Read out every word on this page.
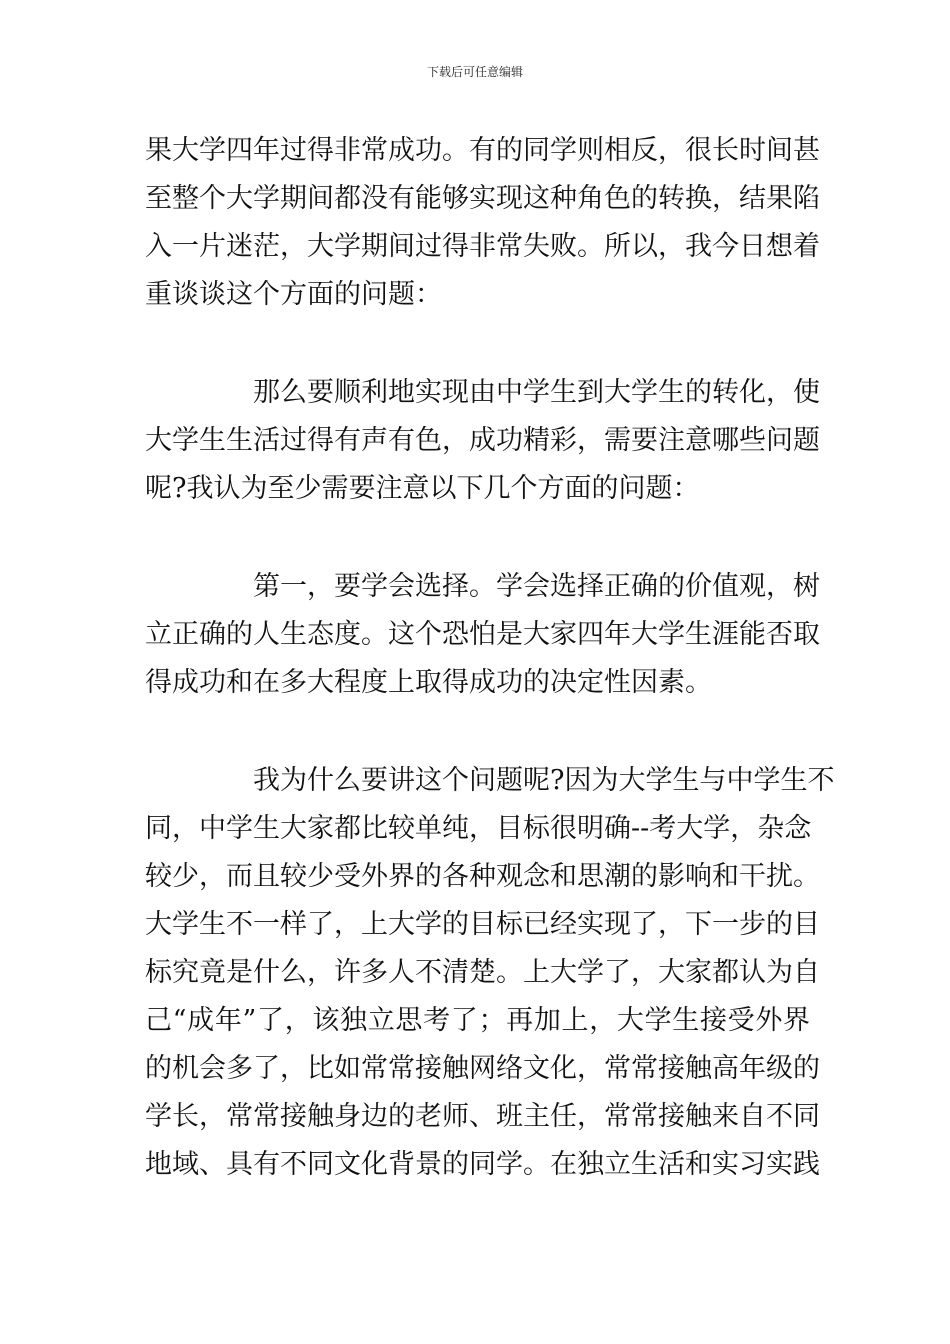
下载后可任意编辑

果大学四年过得非常成功。有的同学则相反，很长时间甚
至整个大学期间都没有能够实现这种角色的转换，结果陷
入一片迷茫，大学期间过得非常失败。所以，我今日想着
重谈谈这个方面的问题：

那么要顺利地实现由中学生到大学生的转化，使
大学生生活过得有声有色，成功精彩，需要注意哪些问题
呢?我认为至少需要注意以下几个方面的问题：

第一，要学会选择。学会选择正确的价值观，树
立正确的人生态度。这个恐怕是大家四年大学生涯能否取
得成功和在多大程度上取得成功的决定性因素。

我为什么要讲这个问题呢?因为大学生与中学生不
同，中学生大家都比较单纯，目标很明确--考大学，杂念
较少，而且较少受外界的各种观念和思潮的影响和干扰。
大学生不一样了，上大学的目标已经实现了，下一步的目
标究竟是什么，许多人不清楚。上大学了，大家都认为自
己“成年”了，该独立思考了；再加上，大学生接受外界
的机会多了，比如常常接触网络文化，常常接触高年级的
学长，常常接触身边的老师、班主任，常常接触来自不同
地域、具有不同文化背景的同学。在独立生活和实习实践
